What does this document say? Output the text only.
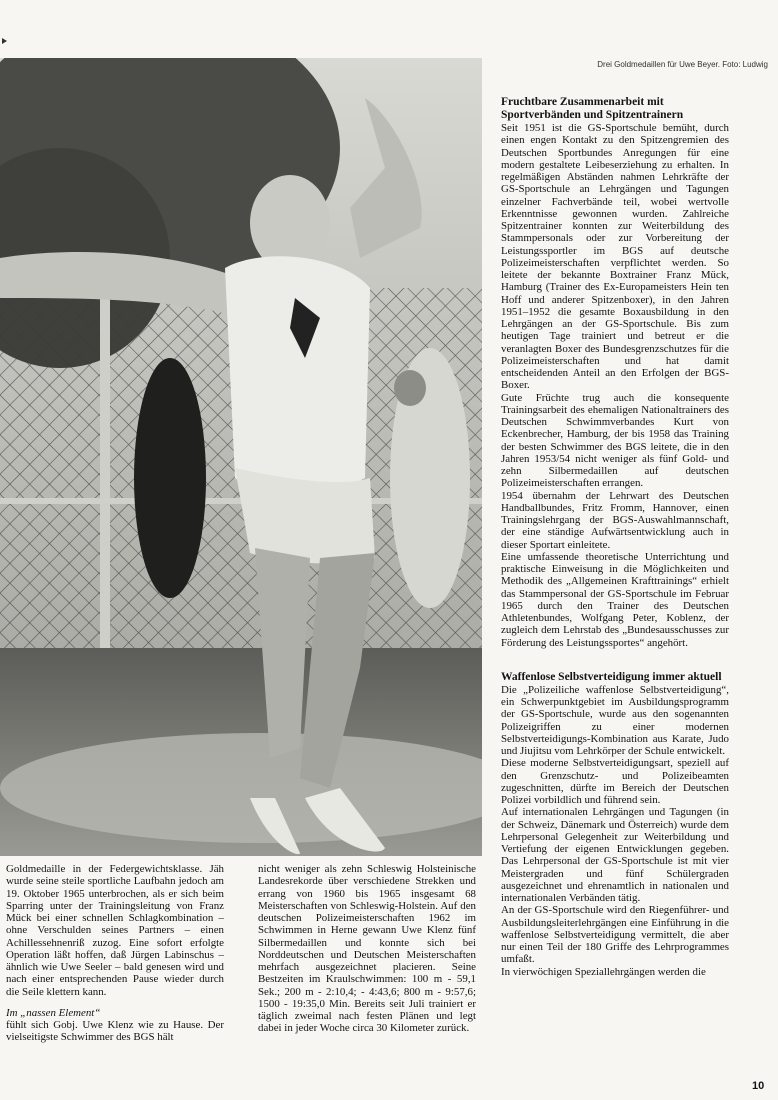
Drei Goldmedaillen für Uwe Beyer. Foto: Ludwig

Goldmedaille in der Federgewichtsklasse. Jäh wurde seine steile sportliche Laufbahn jedoch am 19. Oktober 1965 unterbrochen, als er sich beim Sparring unter der Trainingsleitung von Franz Mück bei einer schnellen Schlagkombination – ohne Verschulden seines Partners – einen Achillessehnenriß zuzog. Eine sofort erfolgte Operation läßt hoffen, daß Jürgen Labinschus – ähnlich wie Uwe Seeler – bald genesen wird und nach einer entsprechenden Pause wieder durch die Seile klettern kann.

Im „nassen Element“

fühlt sich Gobj. Uwe Klenz wie zu Hause. Der vielseitigste Schwimmer des BGS hält

nicht weniger als zehn Schleswig Holsteinische Landesrekorde über verschiedene Strekken und errang von 1960 bis 1965 insgesamt 68 Meisterschaften von Schleswig-Holstein. Auf den deutschen Polizeimeisterschaften 1962 im Schwimmen in Herne gewann Uwe Klenz fünf Silbermedaillen und konnte sich bei Norddeutschen und Deutschen Meisterschaften mehrfach ausgezeichnet placieren. Seine Bestzeiten im Kraulschwimmen: 100 m - 59,1 Sek.; 200 m - 2:10,4; - 4:43,6; 800 m - 9:57,6; 1500 - 19:35,0 Min. Bereits seit Juli trainiert er täglich zweimal nach festen Plänen und legt dabei in jeder Woche circa 30 Kilometer zurück.

Fruchtbare Zusammenarbeit mit Sportverbänden und Spitzentrainern

Seit 1951 ist die GS-Sportschule bemüht, durch einen engen Kontakt zu den Spitzengremien des Deutschen Sportbundes Anregungen für eine modern gestaltete Leibeserziehung zu erhalten. In regelmäßigen Abständen nahmen Lehrkräfte der GS-Sportschule an Lehrgängen und Tagungen einzelner Fachverbände teil, wobei wertvolle Erkenntnisse gewonnen wurden. Zahlreiche Spitzentrainer konnten zur Weiterbildung des Stammpersonals oder zur Vorbereitung der Leistungssportler im BGS auf deutsche Polizeimeisterschaften verpflichtet werden. So leitete der bekannte Boxtrainer Franz Mück, Hamburg (Trainer des Ex-Europameisters Hein ten Hoff und anderer Spitzenboxer), in den Jahren 1951–1952 die gesamte Boxausbildung in den Lehrgängen an der GS-Sportschule. Bis zum heutigen Tage trainiert und betreut er die veranlagten Boxer des Bundesgrenzschutzes für die Polizeimeisterschaften und hat damit entscheidenden Anteil an den Erfolgen der BGS-Boxer.

Gute Früchte trug auch die konsequente Trainingsarbeit des ehemaligen Nationaltrainers des Deutschen Schwimmverbandes Kurt von Eckenbrecher, Hamburg, der bis 1958 das Training der besten Schwimmer des BGS leitete, die in den Jahren 1953/54 nicht weniger als fünf Gold- und zehn Silbermedaillen auf deutschen Polizeimeisterschaften errangen.

1954 übernahm der Lehrwart des Deutschen Handballbundes, Fritz Fromm, Hannover, einen Trainingslehrgang der BGS-Auswahlmannschaft, der eine ständige Aufwärtsentwicklung auch in dieser Sportart einleitete.

Eine umfassende theoretische Unterrichtung und praktische Einweisung in die Möglichkeiten und Methodik des „Allgemeinen Krafttrainings“ erhielt das Stammpersonal der GS-Sportschule im Februar 1965 durch den Trainer des Deutschen Athletenbundes, Wolfgang Peter, Koblenz, der zugleich dem Lehrstab des „Bundesausschusses zur Förderung des Leistungssportes“ angehört.

Waffenlose Selbstverteidigung immer aktuell

Die „Polizeiliche waffenlose Selbstverteidigung“, ein Schwerpunktgebiet im Ausbildungsprogramm der GS-Sportschule, wurde aus den sogenannten Polizeigriffen zu einer modernen Selbstverteidigungs-Kombination aus Karate, Judo und Jiujitsu vom Lehrkörper der Schule entwickelt.

Diese moderne Selbstverteidigungsart, speziell auf den Grenzschutz- und Polizeibeamten zugeschnitten, dürfte im Bereich der Deutschen Polizei vorbildlich und führend sein.

Auf internationalen Lehrgängen und Tagungen (in der Schweiz, Dänemark und Österreich) wurde dem Lehrpersonal Gelegenheit zur Weiterbildung und Vertiefung der eigenen Entwicklungen gegeben. Das Lehrpersonal der GS-Sportschule ist mit vier Meistergraden und fünf Schülergraden ausgezeichnet und ehrenamtlich in nationalen und internationalen Verbänden tätig.

An der GS-Sportschule wird den Riegenführer- und Ausbildungsleiterlehrgängen eine Einführung in die waffenlose Selbstverteidigung vermittelt, die aber nur einen Teil der 180 Griffe des Lehrprogrammes umfaßt.

In vierwöchigen Speziallehrgängen werden die

10
